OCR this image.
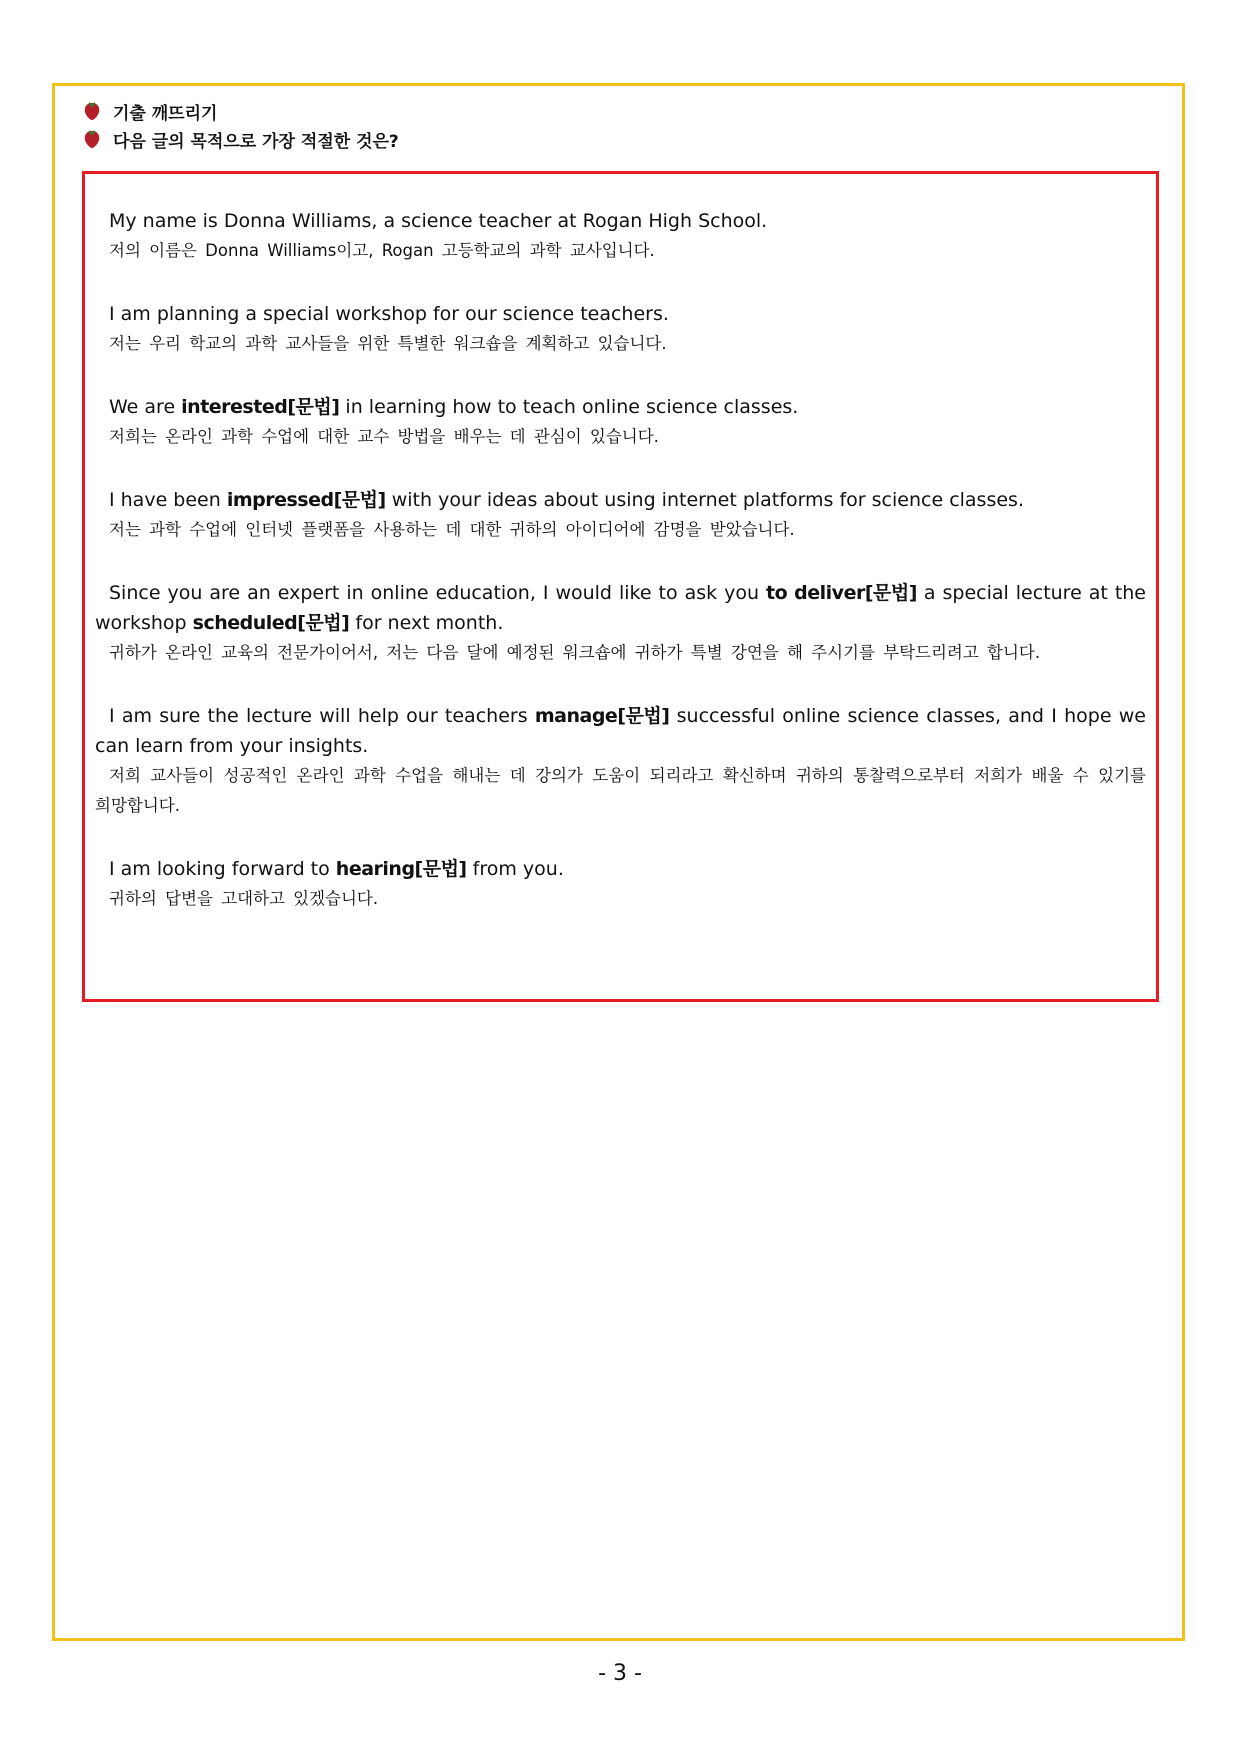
기출 깨뜨리기
다음 글의 목적으로 가장 적절한 것은?
My name is Donna Williams, a science teacher at Rogan High School.
저의 이름은 Donna Williams이고, Rogan 고등학교의 과학 교사입니다.
I am planning a special workshop for our science teachers.
저는 우리 학교의 과학 교사들을 위한 특별한 워크숍을 계획하고 있습니다.
We are interested[문법] in learning how to teach online science classes.
저희는 온라인 과학 수업에 대한 교수 방법을 배우는 데 관심이 있습니다.
I have been impressed[문법] with your ideas about using internet platforms for science classes.
저는 과학 수업에 인터넷 플랫폼을 사용하는 데 대한 귀하의 아이디어에 감명을 받았습니다.
Since you are an expert in online education, I would like to ask you to deliver[문법] a special lecture at the workshop scheduled[문법] for next month.
귀하가 온라인 교육의 전문가이어서, 저는 다음 달에 예정된 워크숍에 귀하가 특별 강연을 해 주시기를 부탁드리려고 합니다.
I am sure the lecture will help our teachers manage[문법] successful online science classes, and I hope we can learn from your insights.
저희 교사들이 성공적인 온라인 과학 수업을 해내는 데 강의가 도움이 되리라고 확신하며 귀하의 통찰력으로부터 저희가 배울 수 있기를 희망합니다.
I am looking forward to hearing[문법] from you.
귀하의 답변을 고대하고 있겠습니다.
- 3 -
